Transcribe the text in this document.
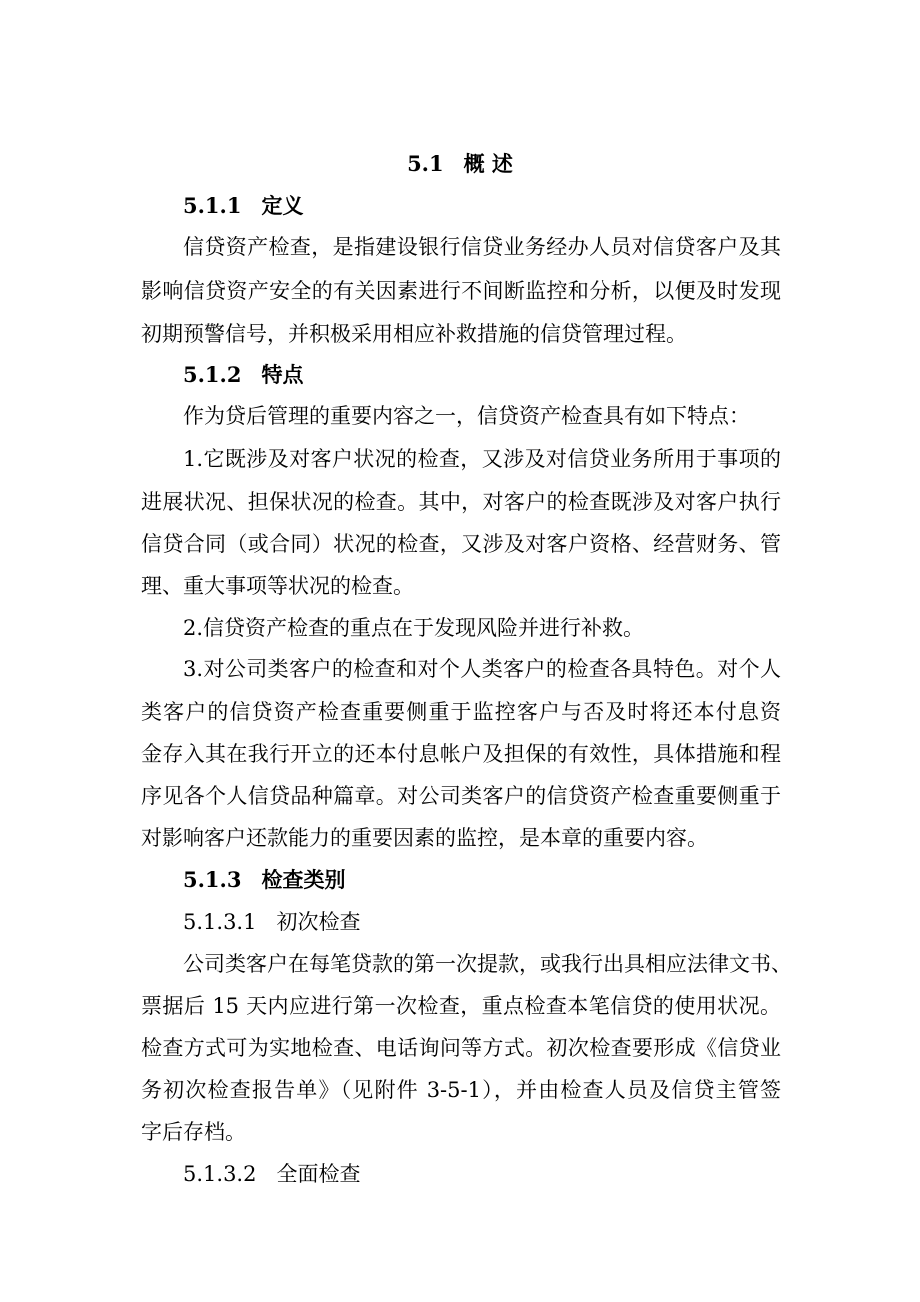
5.1 概 述
5.1.1 定义
信贷资产检查，是指建设银行信贷业务经办人员对信贷客户及其
影响信贷资产安全的有关因素进行不间断监控和分析，以便及时发现
初期预警信号，并积极采用相应补救措施的信贷管理过程。
5.1.2 特点
作为贷后管理的重要内容之一，信贷资产检查具有如下特点：
1.它既涉及对客户状况的检查，又涉及对信贷业务所用于事项的
进展状况、担保状况的检查。其中，对客户的检查既涉及对客户执行
信贷合同（或合同）状况的检查，又涉及对客户资格、经营财务、管
理、重大事项等状况的检查。
2.信贷资产检查的重点在于发现风险并进行补救。
3.对公司类客户的检查和对个人类客户的检查各具特色。对个人
类客户的信贷资产检查重要侧重于监控客户与否及时将还本付息资
金存入其在我行开立的还本付息帐户及担保的有效性，具体措施和程
序见各个人信贷品种篇章。对公司类客户的信贷资产检查重要侧重于
对影响客户还款能力的重要因素的监控，是本章的重要内容。
5.1.3 检查类别
5.1.3.1 初次检查
公司类客户在每笔贷款的第一次提款，或我行出具相应法律文书、
票据后 15 天内应进行第一次检查，重点检查本笔信贷的使用状况。
检查方式可为实地检查、电话询问等方式。初次检查要形成《信贷业
务初次检查报告单》（见附件 3-5-1），并由检查人员及信贷主管签
字后存档。
5.1.3.2 全面检查
